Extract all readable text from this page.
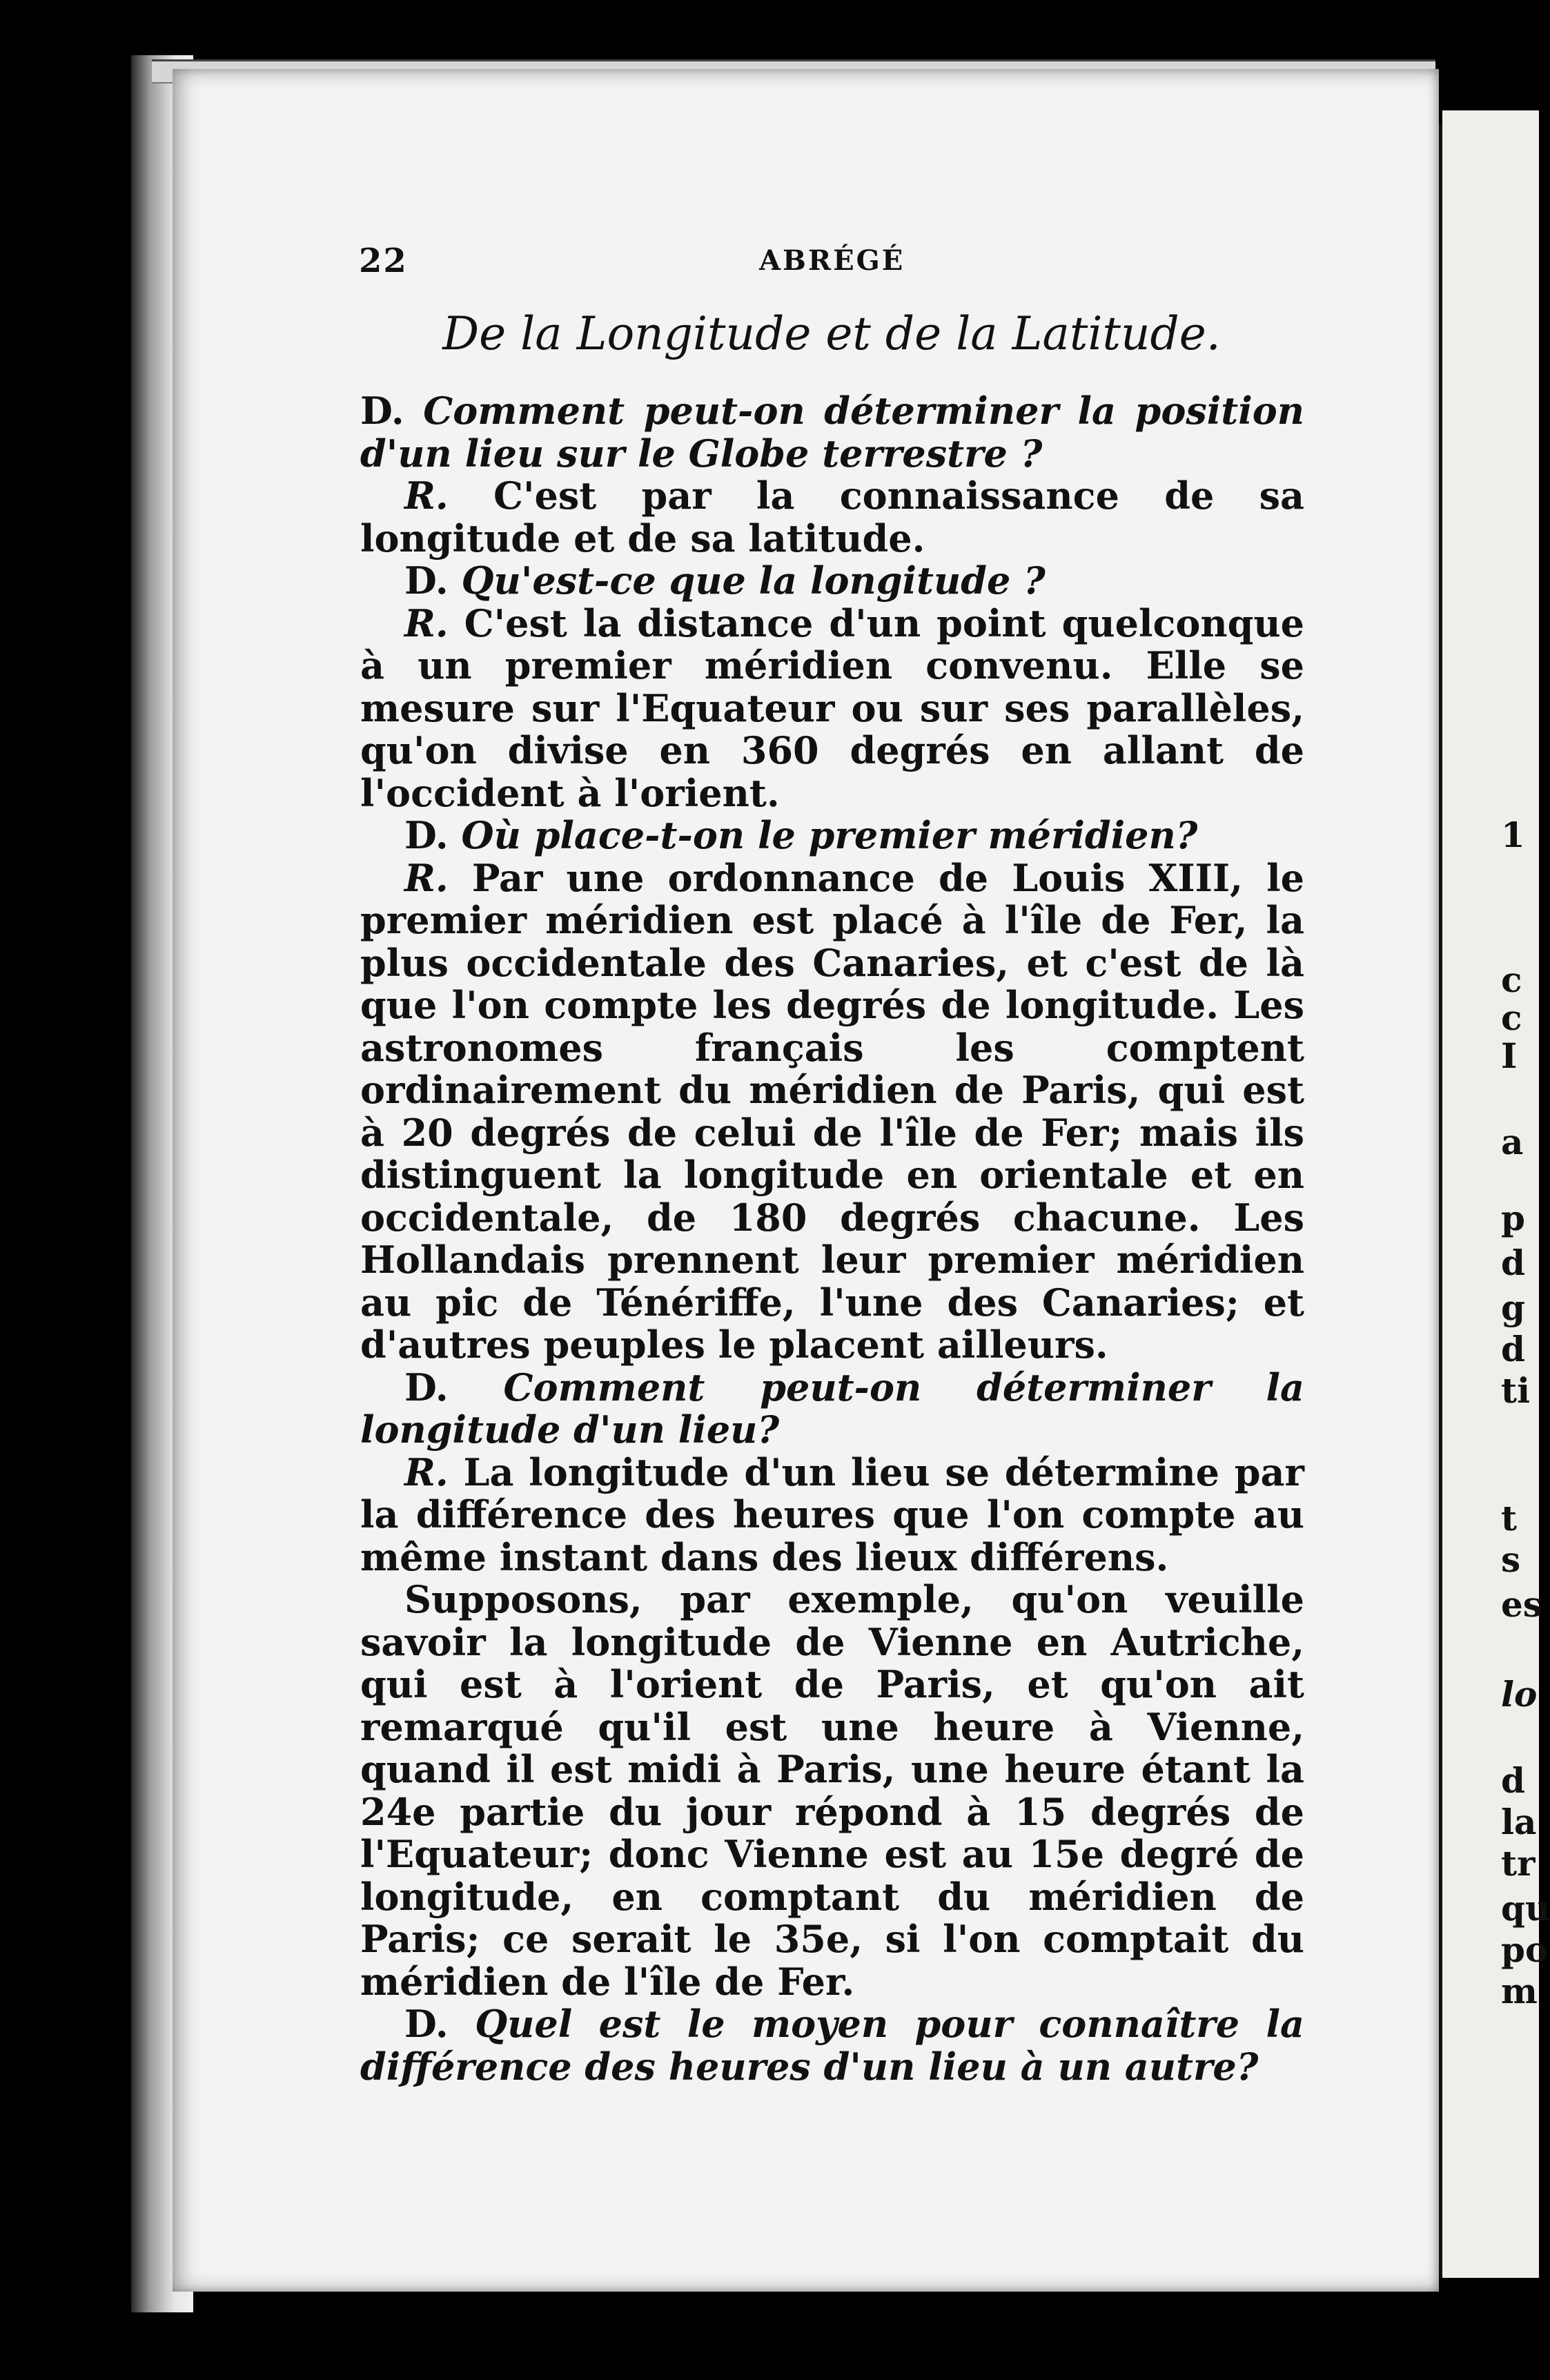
1
c
c
I
a
p
d
g
d
ti
t
s
es
lo
d
la
tr
qu
po
m
22	ABRÉGÉ
De la Longitude et de la Latitude.

D. Comment peut-on déterminer la position d'un lieu sur le Globe terrestre ?

R. C'est par la connaissance de sa longitude et de sa latitude.

D. Qu'est-ce que la longitude ?

R. C'est la distance d'un point quelconque à un premier méridien convenu. Elle se mesure sur l'Equateur ou sur ses parallèles, qu'on divise en 360 degrés en allant de l'occident à l'orient.

D. Où place-t-on le premier méridien?

R. Par une ordonnance de Louis XIII, le premier méridien est placé à l'île de Fer, la plus occidentale des Canaries, et c'est de là que l'on compte les degrés de longitude. Les astronomes français les comptent ordinairement du méridien de Paris, qui est à 20 degrés de celui de l'île de Fer; mais ils distinguent la longitude en orientale et en occidentale, de 180 degrés chacune. Les Hollandais prennent leur premier méridien au pic de Ténériffe, l'une des Canaries; et d'autres peuples le placent ailleurs.

D. Comment peut-on déterminer la longitude d'un lieu?

R. La longitude d'un lieu se détermine par la différence des heures que l'on compte au même instant dans des lieux différens.

Supposons, par exemple, qu'on veuille savoir la longitude de Vienne en Autriche, qui est à l'orient de Paris, et qu'on ait remarqué qu'il est une heure à Vienne, quand il est midi à Paris, une heure étant la 24e partie du jour répond à 15 degrés de l'Equateur; donc Vienne est au 15e degré de longitude, en comptant du méridien de Paris; ce serait le 35e, si l'on comptait du méridien de l'île de Fer.

D. Quel est le moyen pour connaître la différence des heures d'un lieu à un autre?
